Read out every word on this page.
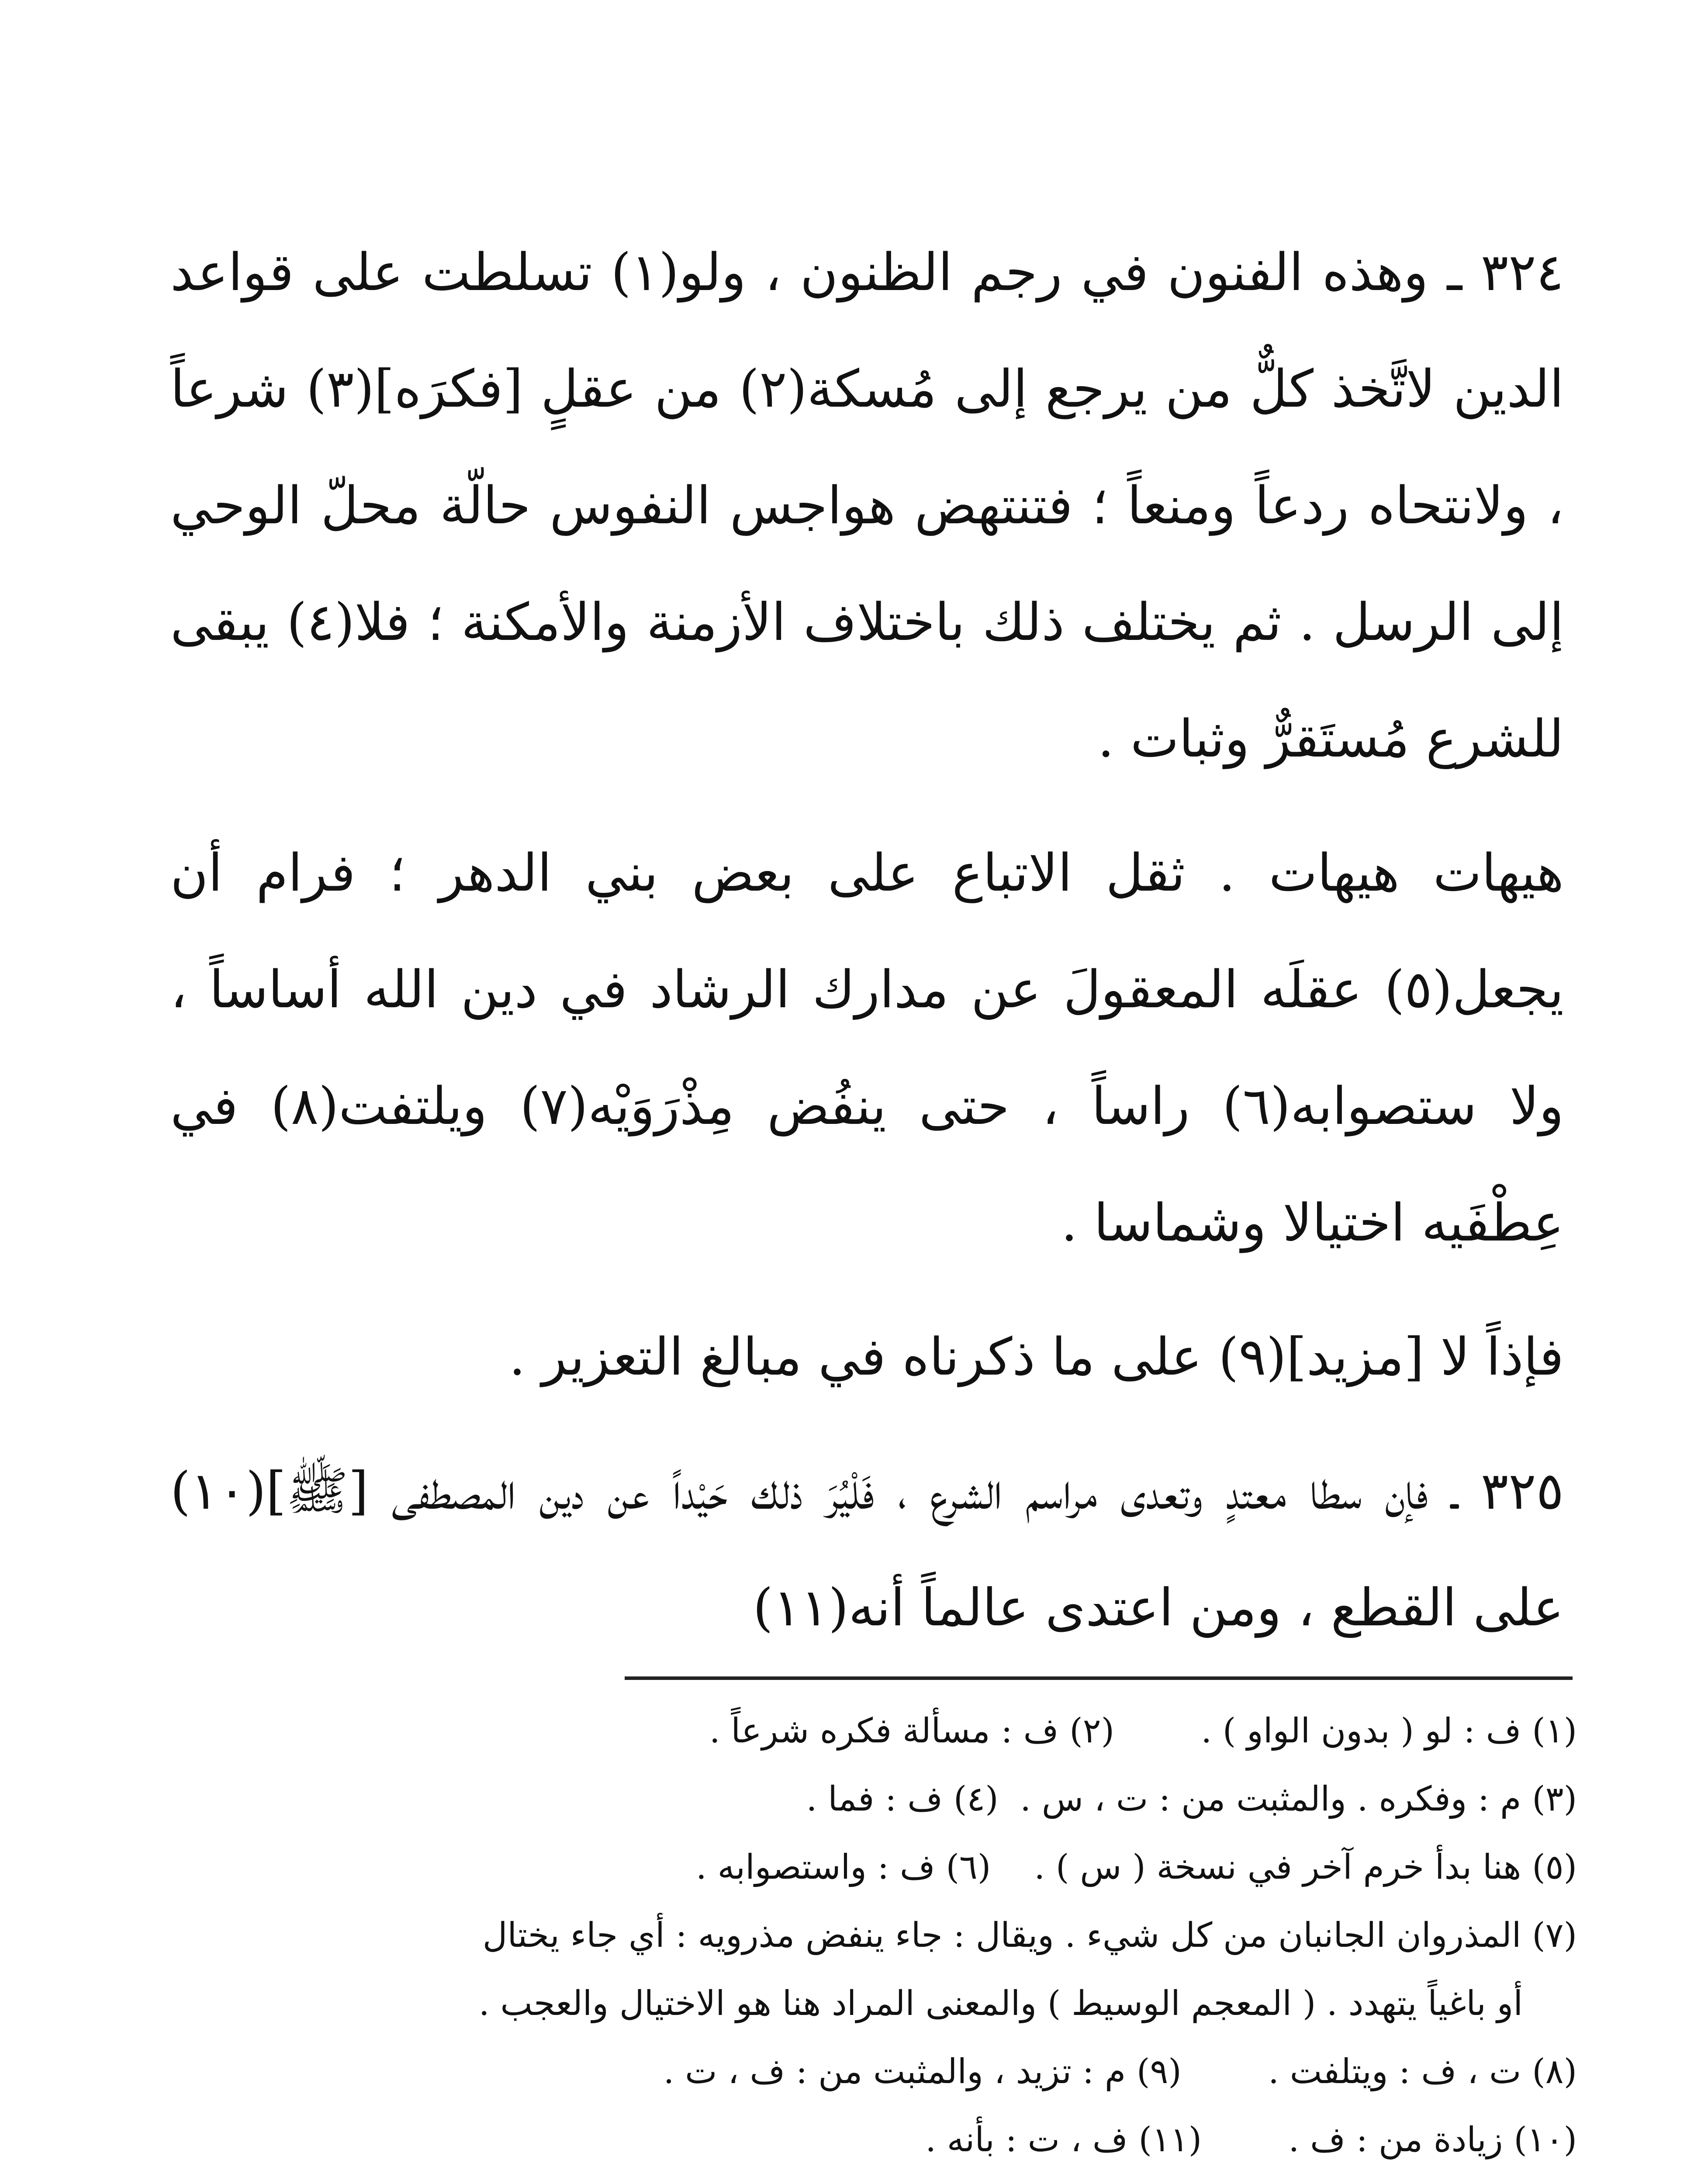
٣٢٤ ـ وهذه الفنون في رجم الظنون ، ولو(١) تسلطت على قواعد الدين لاتَّخذ كلٌّ من يرجع إلى مُسكة(٢) من عقلٍ [فكرَه](٣) شرعاً ، ولانتحاه ردعاً ومنعاً ؛ فتنتهض هواجس النفوس حالّة محلّ الوحي إلى الرسل . ثم يختلف ذلك باختلاف الأزمنة والأمكنة ؛ فلا(٤) يبقى للشرع مُستَقرٌّ وثبات .

هيهات هيهات . ثقل الاتباع على بعض بني الدهر ؛ فرام أن يجعل(٥) عقلَه المعقولَ عن مدارك الرشاد في دين الله أساساً ، ولا ستصوابه(٦) راساً ، حتى ينفُض مِذْرَوَيْه(٧) ويلتفت(٨) في عِطْفَيه اختيالا وشماسا .

فإذاً لا [مزيد](٩) على ما ذكرناه في مبالغ التعزير .

٣٢٥ ـ فإن سطا معتدٍ وتعدى مراسم الشرع ، فَلْيُرَ ذلك حَيْداً عن دين المصطفى [ﷺ](١٠) على القطع ، ومن اعتدى عالماً أنه(١١)

(١) ف : لو ( بدون الواو ) .        (٢) ف : مسألة فكره شرعاً .
(٣) م : وفكره . والمثبت من : ت ، س .  (٤) ف : فما .
(٥) هنا بدأ خرم آخر في نسخة ( س ) .    (٦) ف : واستصوابه .
(٧) المذروان الجانبان من كل شيء . ويقال : جاء ينفض مذرويه : أي جاء يختال
أو باغياً يتهدد . ( المعجم الوسيط ) والمعنى المراد هنا هو الاختيال والعجب .
(٨) ت ، ف : ويتلفت .        (٩) م : تزيد ، والمثبت من : ف ، ت .
(١٠) زيادة من : ف .        (١١) ف ، ت : بأنه .
